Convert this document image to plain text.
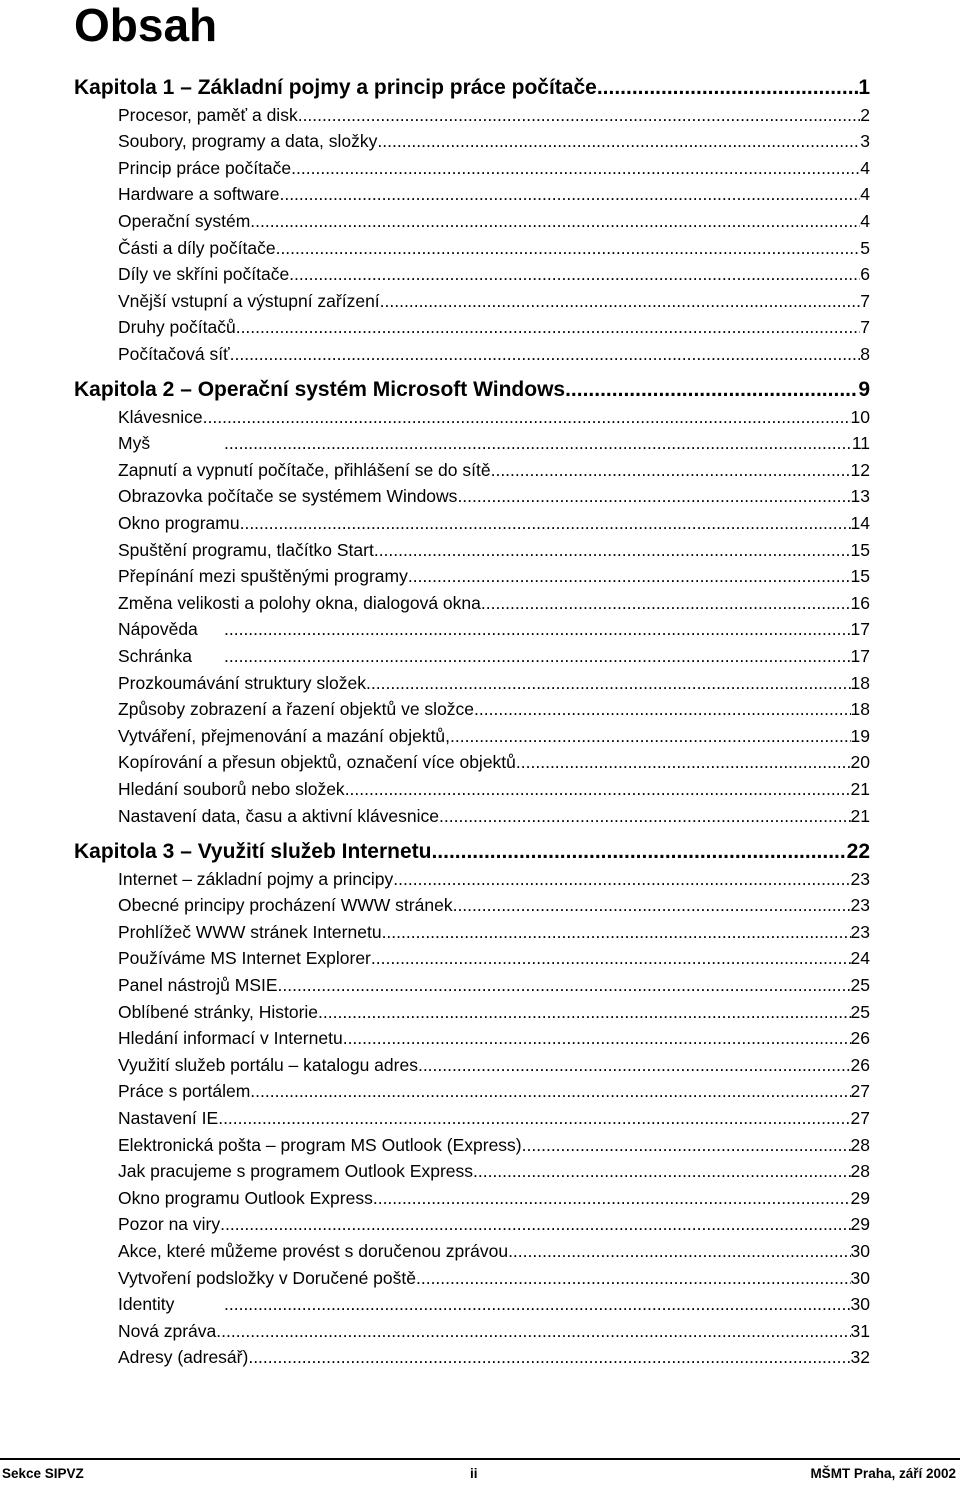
Obsah
Kapitola 1 – Základní pojmy a princip práce počítače .....	1
Procesor, paměť a disk .....	2
Soubory, programy a data, složky .....	3
Princip práce počítače .....	4
Hardware a software .....	4
Operační systém .....	4
Části a díly počítače .....	5
Díly ve skříni počítače .....	6
Vnější vstupní a výstupní zařízení .....	7
Druhy počítačů .....	7
Počítačová síť .....	8
Kapitola 2 – Operační systém Microsoft Windows .....	9
Klávesnice .....	10
Myš .....	11
Zapnutí a vypnutí počítače, přihlášení se do sítě .....	12
Obrazovka počítače se systémem Windows .....	13
Okno programu .....	14
Spuštění programu, tlačítko Start .....	15
Přepínání mezi spuštěnými programy .....	15
Změna velikosti a polohy okna, dialogová okna .....	16
Nápověda .....	17
Schránka .....	17
Prozkoumávání struktury složek .....	18
Způsoby zobrazení a řazení objektů ve složce .....	18
Vytváření, přejmenování a mazání objektů, .....	19
Kopírování a přesun objektů, označení více objektů .....	20
Hledání souborů nebo složek .....	21
Nastavení data, času a aktivní klávesnice .....	21
Kapitola 3 – Využití služeb Internetu .....	22
Internet – základní pojmy a principy .....	23
Obecné principy procházení WWW stránek .....	23
Prohlížeč WWW stránek Internetu .....	23
Používáme MS Internet Explorer .....	24
Panel nástrojů MSIE .....	25
Oblíbené stránky, Historie .....	25
Hledání informací v Internetu .....	26
Využití služeb portálu – katalogu adres .....	26
Práce s portálem .....	27
Nastavení IE .....	27
Elektronická pošta – program MS Outlook (Express) .....	28
Jak pracujeme s programem Outlook Express .....	28
Okno programu Outlook Express .....	29
Pozor na viry .....	29
Akce, které můžeme provést s doručenou zprávou .....	30
Vytvoření podsložky v Doručené poště .....	30
Identity .....	30
Nová zpráva .....	31
Adresy (adresář) .....	32
Sekce SIPVZ	ii	MŠMT Praha, září 2002
